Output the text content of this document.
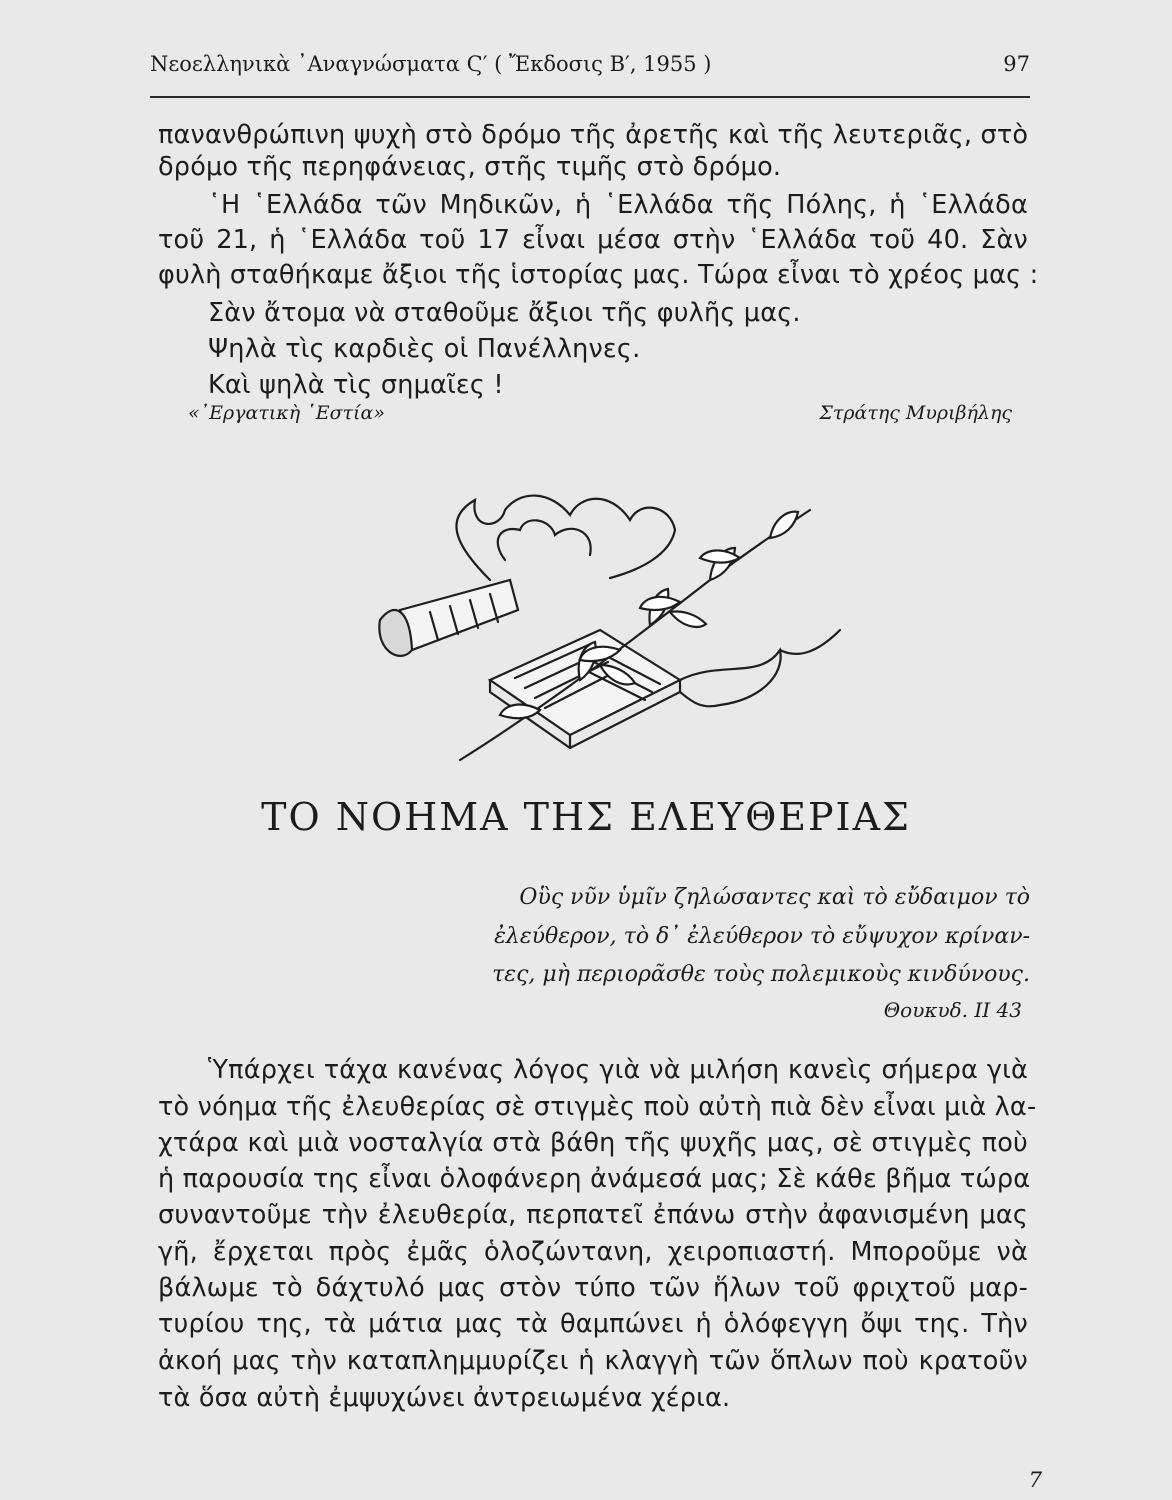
Νεοελληνικὰ ᾿Αναγνώσματα Ϛ′ ( Ἔκδοσις Β′, 1955 )	97
πανανθρώπινη ψυχὴ στὸ δρόμο τῆς ἀρετῆς καὶ τῆς λευτεριᾶς, στὸ
δρόμο τῆς περηφάνειας, στῆς τιμῆς στὸ δρόμο.
῾Η ῾Ελλάδα τῶν Μηδικῶν, ἡ ῾Ελλάδα τῆς Πόλης, ἡ ῾Ελλάδα
τοῦ 21, ἡ ῾Ελλάδα τοῦ 17 εἶναι μέσα στὴν ῾Ελλάδα τοῦ 40. Σὰν
φυλὴ σταθήκαμε ἄξιοι τῆς ἱστορίας μας. Τώρα εἶναι τὸ χρέος μας :
Σὰν ἄτομα νὰ σταθοῦμε ἄξιοι τῆς φυλῆς μας.
Ψηλὰ τὶς καρδιὲς οἱ Πανέλληνες.
Καὶ ψηλὰ τὶς σημαῖες !
«᾿Εργατικὴ ῾Εστία»	Στράτης Μυριβήλης
ΤΟ ΝΟΗΜΑ ΤΗΣ ΕΛΕΥΘΕΡΙΑΣ
Οὓς νῦν ὑμῖν ζηλώσαντες καὶ τὸ εὔδαιμον τὸ
ἐλεύθερον, τὸ δ᾿ ἐλεύθερον τὸ εὔψυχον κρίναν-
τες, μὴ περιορᾶσθε τοὺς πολεμικοὺς κινδύνους.
Θουκυδ. ΙΙ 43
Ὑπάρχει τάχα κανένας λόγος γιὰ νὰ μιλήση κανεὶς σήμερα γιὰ
τὸ νόημα τῆς ἐλευθερίας σὲ στιγμὲς ποὺ αὐτὴ πιὰ δὲν εἶναι μιὰ λα-
χτάρα καὶ μιὰ νοσταλγία στὰ βάθη τῆς ψυχῆς μας, σὲ στιγμὲς ποὺ
ἡ παρουσία της εἶναι ὁλοφάνερη ἀνάμεσά μας; Σὲ κάθε βῆμα τώρα
συναντοῦμε τὴν ἐλευθερία, περπατεῖ ἐπάνω στὴν ἀφανισμένη μας
γῆ, ἔρχεται πρὸς ἐμᾶς ὁλοζώντανη, χειροπιαστή. Μποροῦμε νὰ
βάλωμε τὸ δάχτυλό μας στὸν τύπο τῶν ἥλων τοῦ φριχτοῦ μαρ-
τυρίου της, τὰ μάτια μας τὰ θαμπώνει ἡ ὁλόφεγγη ὄψι της. Τὴν
ἀκοή μας τὴν καταπλημμυρίζει ἡ κλαγγὴ τῶν ὅπλων ποὺ κρατοῦν
τὰ ὅσα αὐτὴ ἐμψυχώνει ἀντρειωμένα χέρια.
7
